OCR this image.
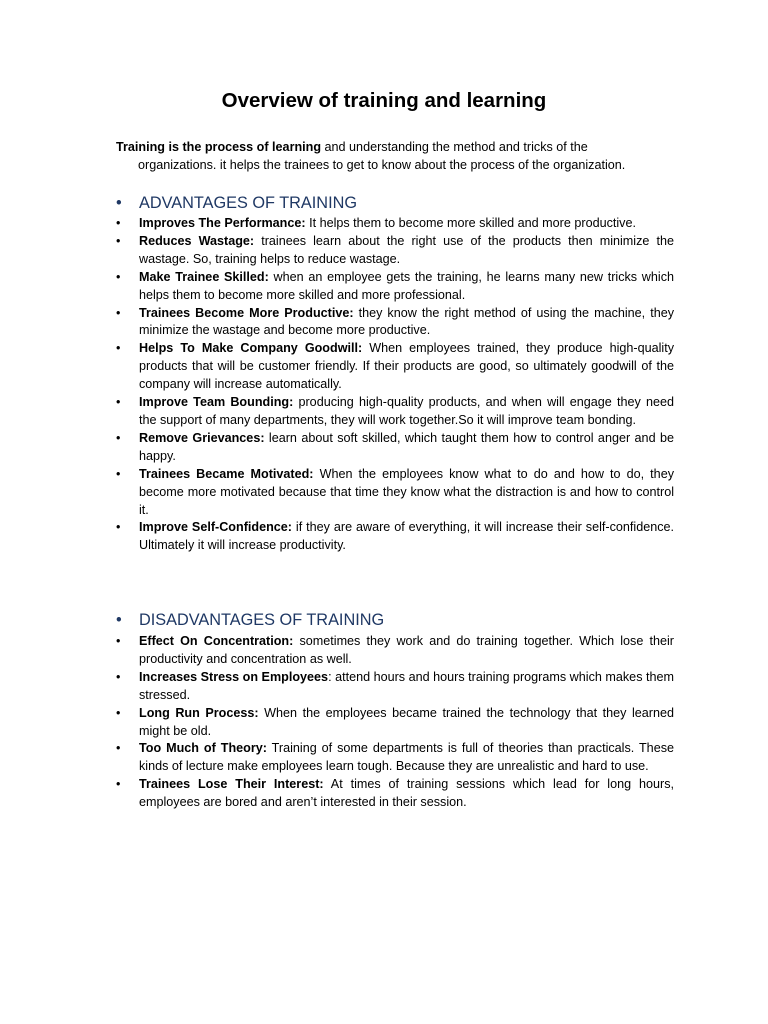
Overview of training and learning

Training is the process of learning and understanding the method and tricks of the organizations. it helps the trainees to get to know about the process of the organization.

• ADVANTAGES OF TRAINING
•	Improves The Performance: It helps them to become more skilled and more productive.
•	Reduces Wastage: trainees learn about the right use of the products then minimize the wastage. So, training helps to reduce wastage.
•	Make Trainee Skilled: when an employee gets the training, he learns many new tricks which helps them to become more skilled and more professional.
•	Trainees Become More Productive: they know the right method of using the machine, they minimize the wastage and become more productive.
•	Helps To Make Company Goodwill: When employees trained, they produce high-quality products that will be customer friendly. If their products are good, so ultimately goodwill of the company will increase automatically.
•	Improve Team Bounding: producing high-quality products, and when will engage they need the support of many departments, they will work together.So it will improve team bonding.
•	Remove Grievances: learn about soft skilled, which taught them how to control anger and be happy.
•	Trainees Became Motivated: When the employees know what to do and how to do, they become more motivated because that time they know what the distraction is and how to control it.
•	Improve Self-Confidence: if they are aware of everything, it will increase their self-confidence. Ultimately it will increase productivity.
• DISADVANTAGES OF TRAINING
•	Effect On Concentration: sometimes they work and do training together. Which lose their productivity and concentration as well.
•	Increases Stress on Employees: attend hours and hours training programs which makes them stressed.
•	Long Run Process: When the employees became trained the technology that they learned might be old.
•	Too Much of Theory: Training of some departments is full of theories than practicals. These kinds of lecture make employees learn tough. Because they are unrealistic and hard to use.
•	Trainees Lose Their Interest: At times of training sessions which lead for long hours, employees are bored and aren’t interested in their session.
